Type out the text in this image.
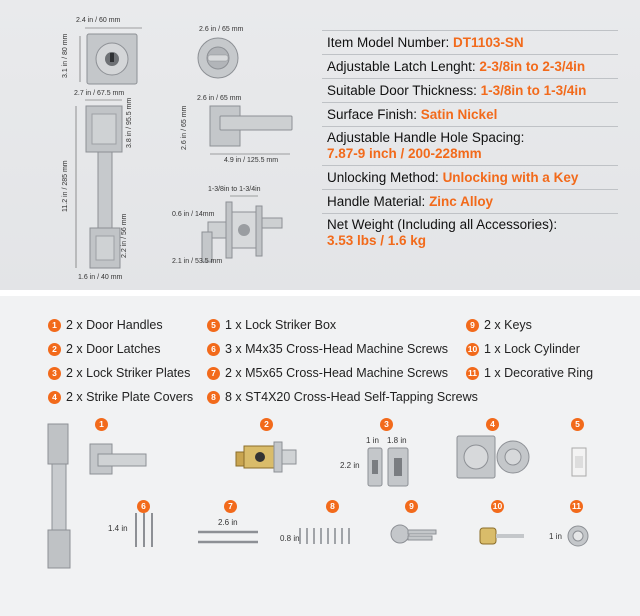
2.4 in / 60 mm
3.1 in / 80 mm
2.6 in / 65 mm
2.7 in / 67.5 mm
3.8 in / 95.5 mm
11.2 in / 285 mm
2.2 in / 56 mm
1.6 in / 40 mm
2.6 in / 65 mm
2.6 in / 65 mm
4.9 in / 125.5 mm
1-3/8in to 1-3/4in
0.6 in / 14mm
2.1 in / 53.5 mm
Item Model Number: DT1103-SN
Adjustable Latch Lenght: 2-3/8in to 2-3/4in
Suitable Door Thickness: 1-3/8in to 1-3/4in
Surface Finish: Satin Nickel
Adjustable Handle Hole Spacing:
7.87-9 inch / 200-228mm
Unlocking Method: Unlocking with a Key
Handle Material: Zinc Alloy
Net Weight (Including all Accessories):
3.53 lbs / 1.6 kg
1 2 x Door Handles
2 2 x Door Latches
3 2 x Lock Striker Plates
4 2 x Strike Plate Covers
5 1 x Lock Striker Box
6 3 x M4x35 Cross-Head Machine Screws
7 2 x M5x65 Cross-Head Machine Screws
8 8 x ST4X20 Cross-Head Self-Tapping Screws
9 2 x Keys
10 1 x Lock Cylinder
11 1 x Decorative Ring
1	2	3	4	5
6	7	8	9	10	11
1 in 1.8 in
2.2 in
1.4 in
2.6 in
0.8 in	1 in
